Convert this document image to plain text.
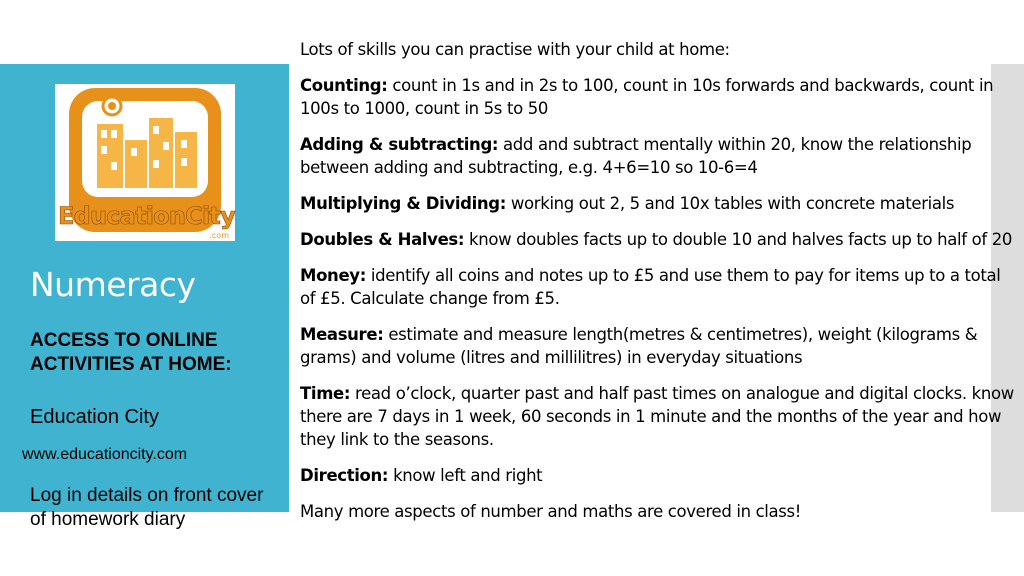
EducationCity
.com
Numeracy
ACCESS TO ONLINE ACTIVITIES AT HOME:
Education City
www.educationcity.com
Log in details on front cover of homework diary

Lots of skills you can practise with your child at home:

Counting: count in 1s and in 2s to 100, count in 10s forwards and backwards, count in 100s to 1000, count in 5s to 50

Adding & subtracting: add and subtract mentally within 20, know the relationship between adding and subtracting, e.g. 4+6=10 so 10-6=4

Multiplying & Dividing: working out 2, 5 and 10x tables with concrete materials

Doubles & Halves: know doubles facts up to double 10 and halves facts up to half of 20

Money: identify all coins and notes up to £5 and use them to pay for items up to a total of £5. Calculate change from £5.

Measure: estimate and measure length(metres & centimetres), weight (kilograms & grams) and volume (litres and millilitres) in everyday situations

Time: read o’clock, quarter past and half past times on analogue and digital clocks. know there are 7 days in 1 week, 60 seconds in 1 minute and the months of the year and how they link to the seasons.

Direction: know left and right

Many more aspects of number and maths are covered in class!
